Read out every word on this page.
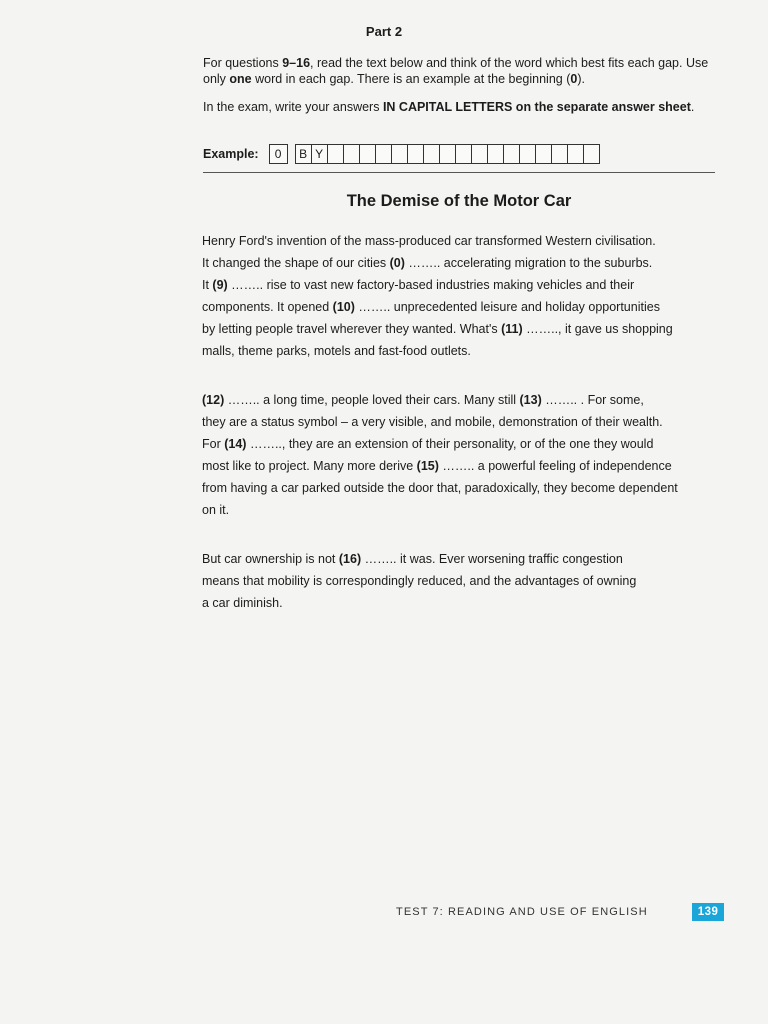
Part 2

For questions 9–16, read the text below and think of the word which best fits each gap. Use only one word in each gap. There is an example at the beginning (0).

In the exam, write your answers IN CAPITAL LETTERS on the separate answer sheet.

Example:	0	B Y
The Demise of the Motor Car
Henry Ford's invention of the mass-produced car transformed Western civilisation.
It changed the shape of our cities (0) …….. accelerating migration to the suburbs.
It (9) …….. rise to vast new factory-based industries making vehicles and their
components. It opened (10) …….. unprecedented leisure and holiday opportunities
by letting people travel wherever they wanted. What's (11) …….., it gave us shopping
malls, theme parks, motels and fast-food outlets.
(12) …….. a long time, people loved their cars. Many still (13) …….. . For some,
they are a status symbol – a very visible, and mobile, demonstration of their wealth.
For (14) …….., they are an extension of their personality, or of the one they would
most like to project. Many more derive (15) …….. a powerful feeling of independence
from having a car parked outside the door that, paradoxically, they become dependent
on it.
But car ownership is not (16) …….. it was. Ever worsening traffic congestion
means that mobility is correspondingly reduced, and the advantages of owning
a car diminish.
TEST 7: READING AND USE OF ENGLISH	139
